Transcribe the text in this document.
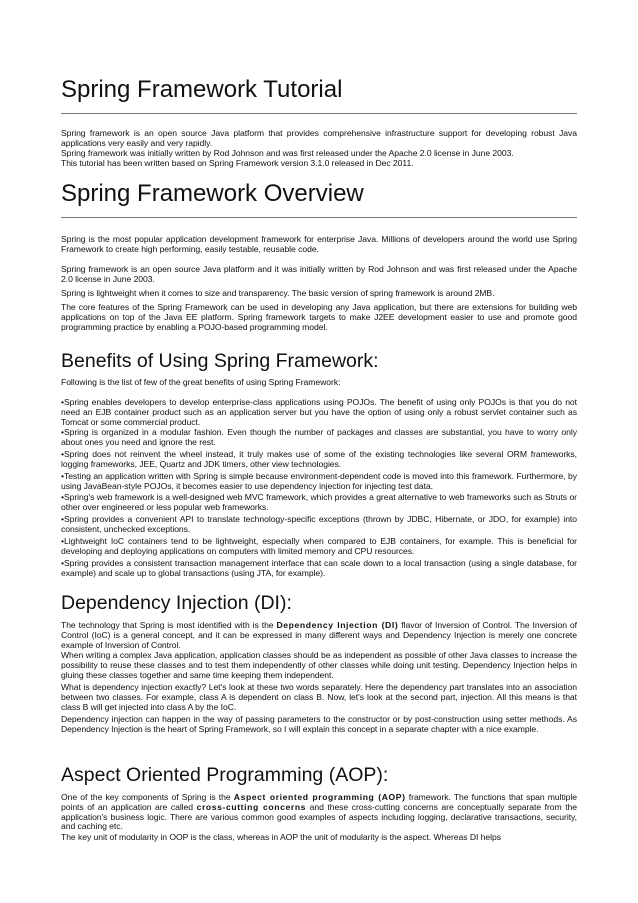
Spring Framework Tutorial
Spring framework is an open source Java platform that provides comprehensive infrastructure support for developing robust Java applications very easily and very rapidly.
Spring framework was initially written by Rod Johnson and was first released under the Apache 2.0 license in June 2003.
This tutorial has been written based on Spring Framework version 3.1.0 released in Dec 2011.
Spring Framework Overview
Spring is the most popular application development framework for enterprise Java. Millions of developers around the world use Spring Framework to create high performing, easily testable, reusable code.
Spring framework is an open source Java platform and it was initially written by Rod Johnson and was first released under the Apache 2.0 license in June 2003.
Spring is lightweight when it comes to size and transparency. The basic version of spring framework is around 2MB.
The core features of the Spring Framework can be used in developing any Java application, but there are extensions for building web applications on top of the Java EE platform. Spring framework targets to make J2EE development easier to use and promote good programming practice by enabling a POJO-based programming model.
Benefits of Using Spring Framework:
Following is the list of few of the great benefits of using Spring Framework:
•Spring enables developers to develop enterprise-class applications using POJOs. The benefit of using only POJOs is that you do not need an EJB container product such as an application server but you have the option of using only a robust servlet container such as Tomcat or some commercial product.
•Spring is organized in a modular fashion. Even though the number of packages and classes are substantial, you have to worry only about ones you need and ignore the rest.
•Spring does not reinvent the wheel instead, it truly makes use of some of the existing technologies like several ORM frameworks, logging frameworks, JEE, Quartz and JDK timers, other view technologies.
•Testing an application written with Spring is simple because environment-dependent code is moved into this framework. Furthermore, by using JavaBean-style POJOs, it becomes easier to use dependency injection for injecting test data.
•Spring's web framework is a well-designed web MVC framework, which provides a great alternative to web frameworks such as Struts or other over engineered or less popular web frameworks.
•Spring provides a convenient API to translate technology-specific exceptions (thrown by JDBC, Hibernate, or JDO, for example) into consistent, unchecked exceptions.
•Lightweight IoC containers tend to be lightweight, especially when compared to EJB containers, for example. This is beneficial for developing and deploying applications on computers with limited memory and CPU resources.
•Spring provides a consistent transaction management interface that can scale down to a local transaction (using a single database, for example) and scale up to global transactions (using JTA, for example).
Dependency Injection (DI):
The technology that Spring is most identified with is the Dependency Injection (DI) flavor of Inversion of Control. The Inversion of Control (IoC) is a general concept, and it can be expressed in many different ways and Dependency Injection is merely one concrete example of Inversion of Control.
When writing a complex Java application, application classes should be as independent as possible of other Java classes to increase the possibility to reuse these classes and to test them independently of other classes while doing unit testing. Dependency Injection helps in gluing these classes together and same time keeping them independent.
What is dependency injection exactly? Let's look at these two words separately. Here the dependency part translates into an association between two classes. For example, class A is dependent on class B. Now, let's look at the second part, injection. All this means is that class B will get injected into class A by the IoC.
Dependency injection can happen in the way of passing parameters to the constructor or by post-construction using setter methods. As Dependency Injection is the heart of Spring Framework, so I will explain this concept in a separate chapter with a nice example.
Aspect Oriented Programming (AOP):
One of the key components of Spring is the Aspect oriented programming (AOP) framework. The functions that span multiple points of an application are called cross-cutting concerns and these cross-cutting concerns are conceptually separate from the application's business logic. There are various common good examples of aspects including logging, declarative transactions, security, and caching etc.
The key unit of modularity in OOP is the class, whereas in AOP the unit of modularity is the aspect. Whereas DI helps
